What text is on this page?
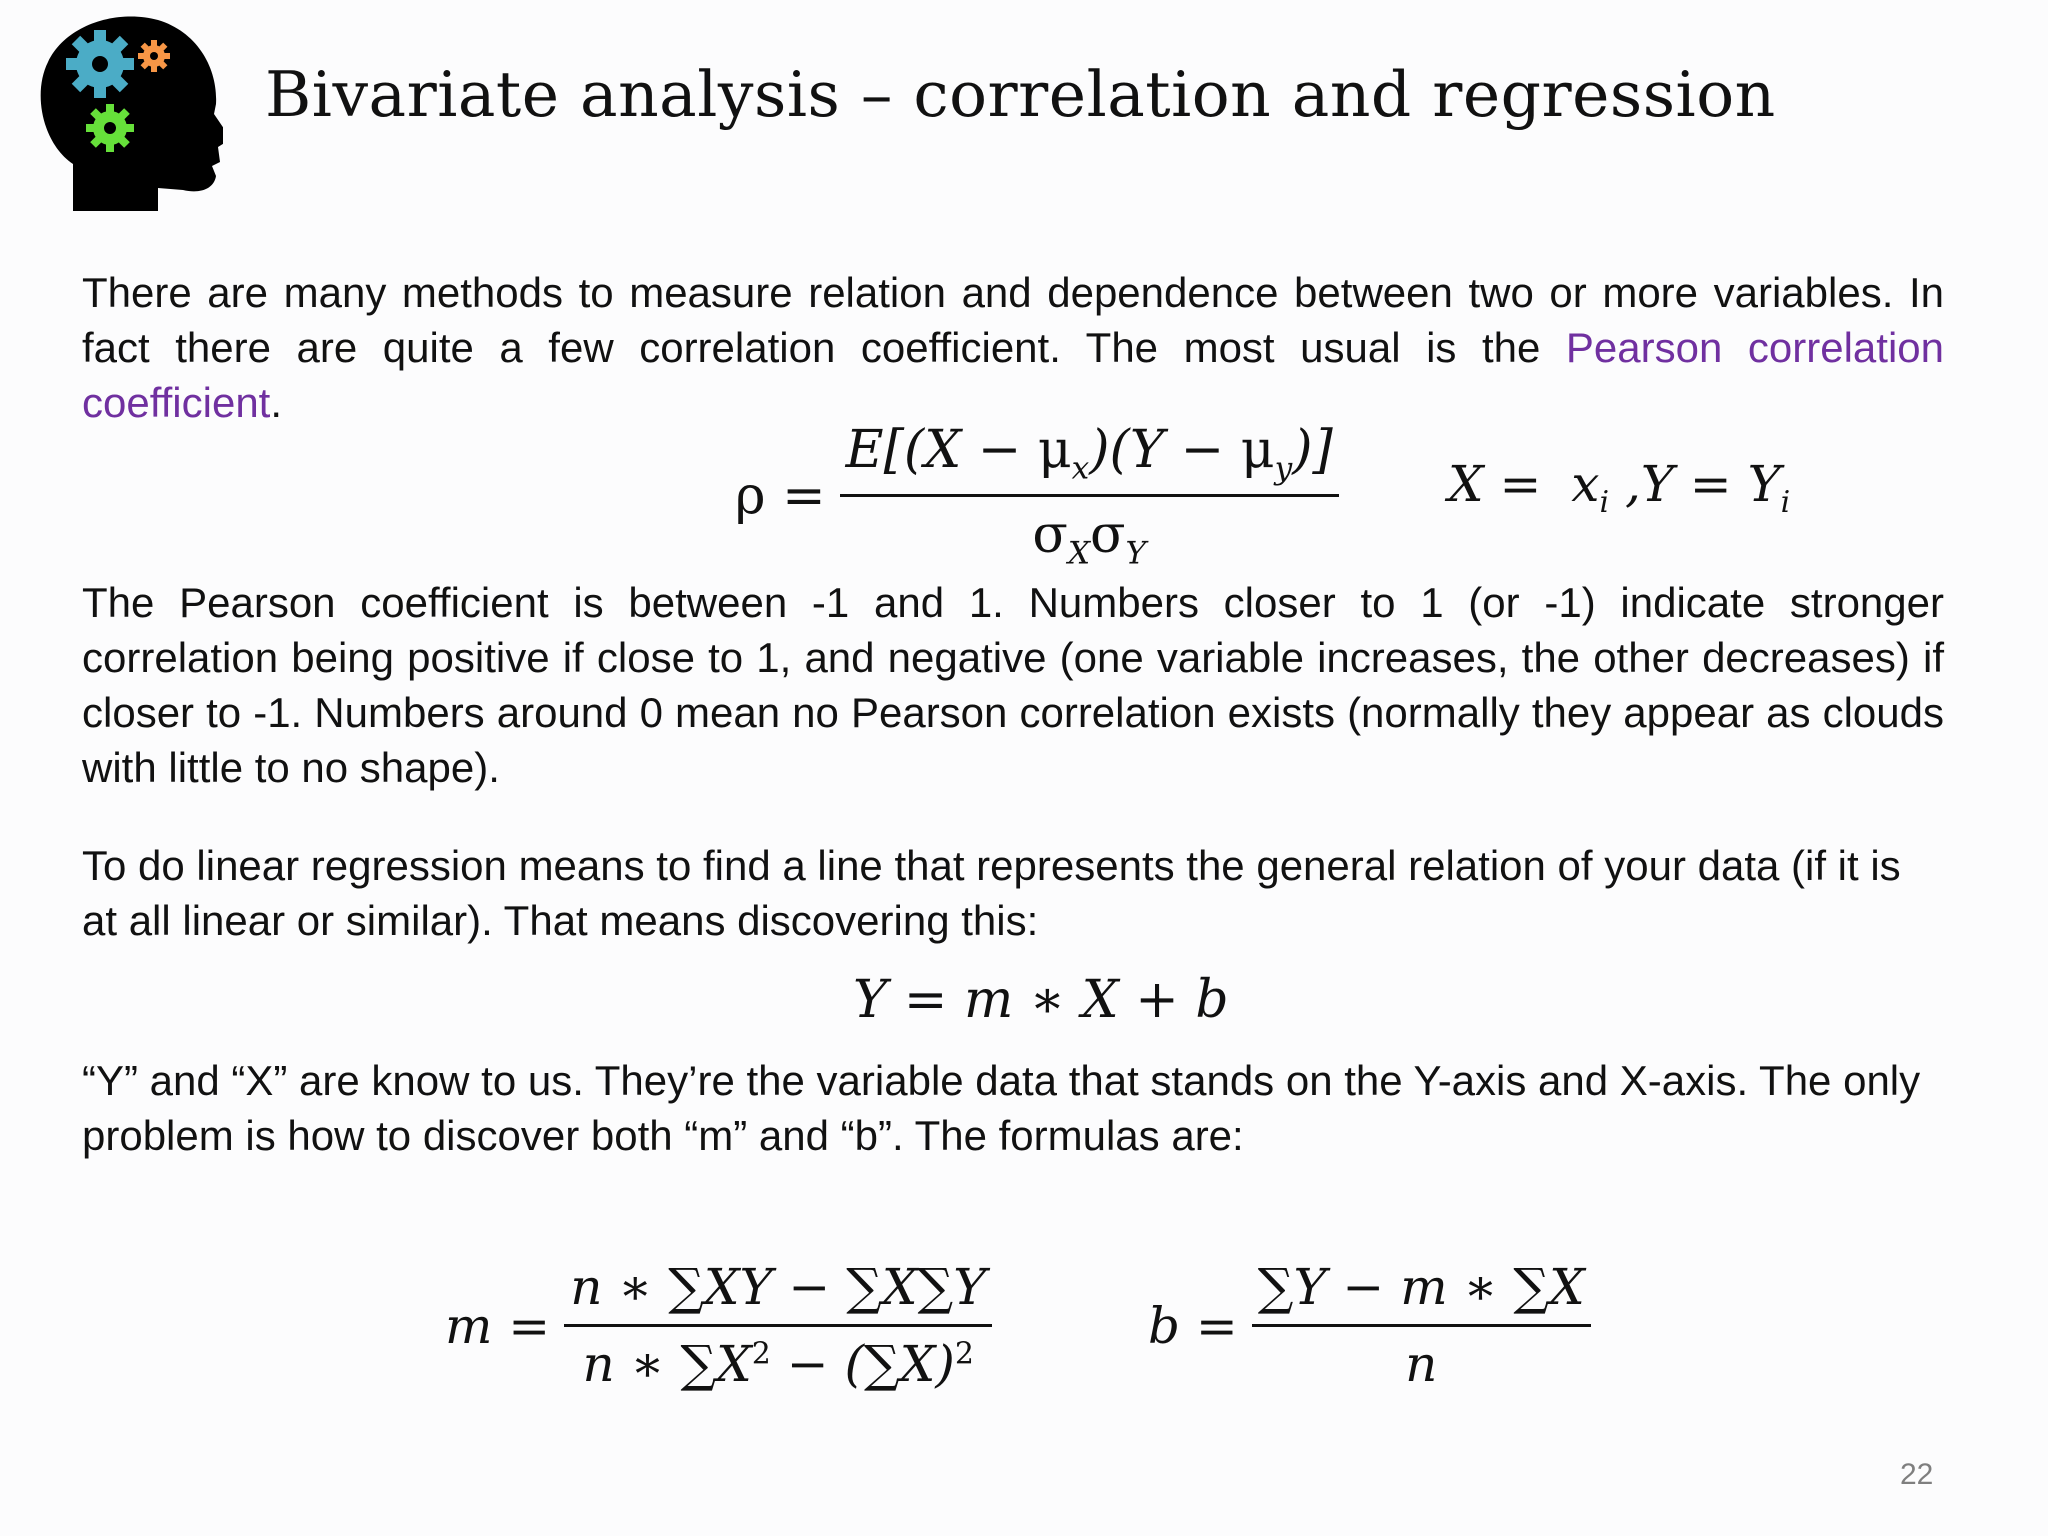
Bivariate analysis – correlation and regression

There are many methods to measure relation and dependence between two or more variables. In fact there are quite a few correlation coefficient. The most usual is the Pearson correlation coefficient.

$\rho = \frac{E[(X - \mu_x)(Y - \mu_y)]}{\sigma_X\sigma_Y}$ $X = x_i$ $,Y = Y_i$

The Pearson coefficient is between -1 and 1. Numbers closer to 1 (or -1) indicate stronger correlation being positive if close to 1, and negative (one variable increases, the other decreases) if closer to -1. Numbers around 0 mean no Pearson correlation exists (normally they appear as clouds with little to no shape).

To do linear regression means to find a line that represents the general relation of your data (if it is at all linear or similar). That means discovering this:

Y = m ∗ X + b

“Y” and “X” are know to us. They’re the variable data that stands on the Y-axis and X-axis. The only problem is how to discover both “m” and “b”. The formulas are:

$m = \frac{n ∗ \sum XY - \sum X\sum Y}{n ∗ \sum X^2 - (\sum X)^2}$	$b = \frac{\sum Y - m ∗ \sum X}{n}$
22
